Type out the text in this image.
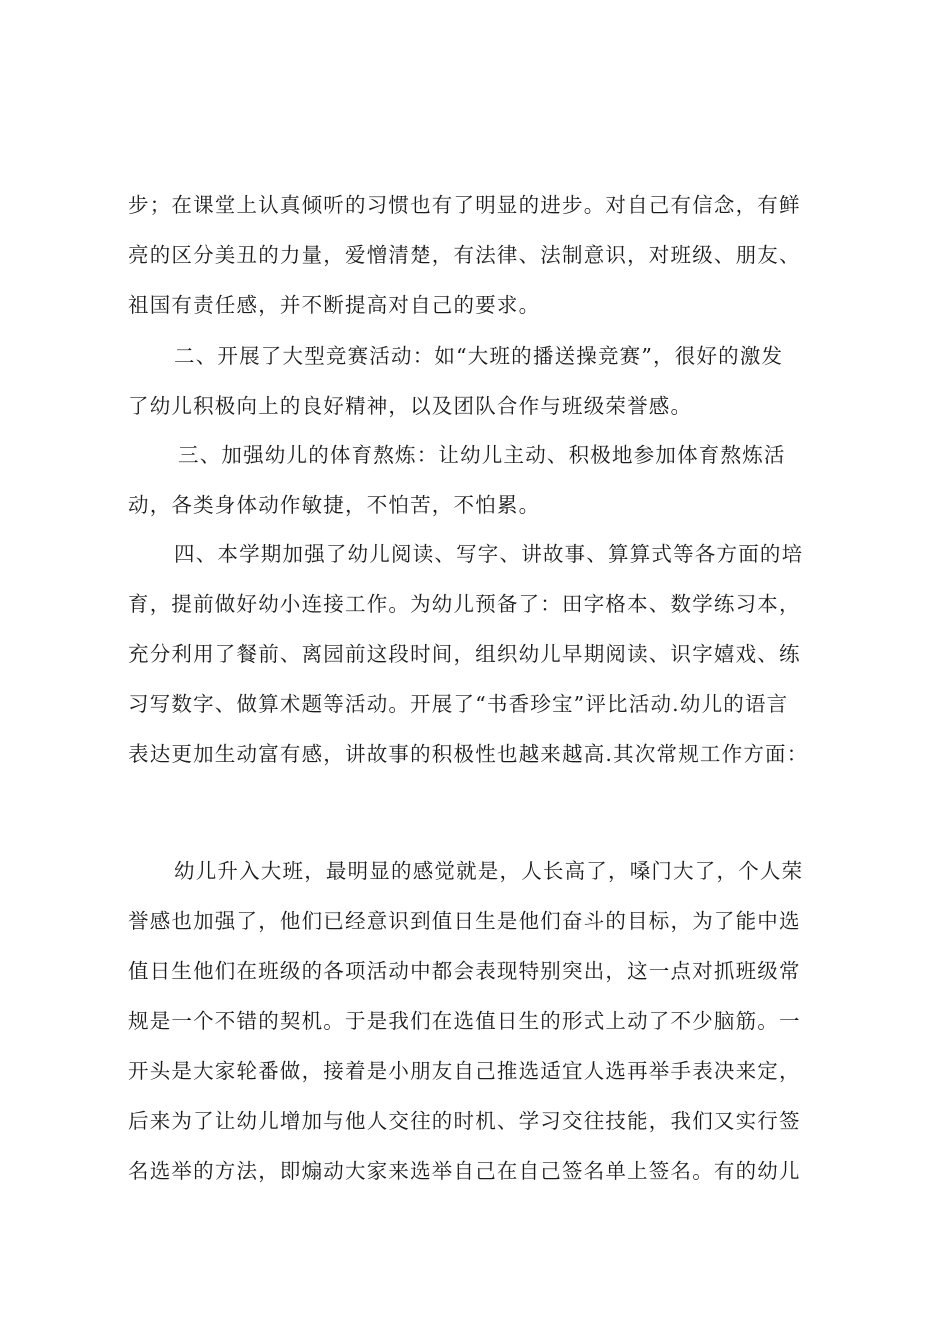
步；在课堂上认真倾听的习惯也有了明显的进步。对自己有信念，有鲜

亮的区分美丑的力量，爱憎清楚，有法律、法制意识，对班级、朋友、

祖国有责任感，并不断提高对自己的要求。

二、开展了大型竞赛活动：如“大班的播送操竞赛”，很好的激发

了幼儿积极向上的良好精神，以及团队合作与班级荣誉感。

三、加强幼儿的体育熬炼：让幼儿主动、积极地参加体育熬炼活

动，各类身体动作敏捷，不怕苦，不怕累。

四、本学期加强了幼儿阅读、写字、讲故事、算算式等各方面的培

育，提前做好幼小连接工作。为幼儿预备了：田字格本、数学练习本，

充分利用了餐前、离园前这段时间，组织幼儿早期阅读、识字嬉戏、练

习写数字、做算术题等活动。开展了“书香珍宝”评比活动.幼儿的语言

表达更加生动富有感，讲故事的积极性也越来越高.其次常规工作方面：

幼儿升入大班，最明显的感觉就是，人长高了，嗓门大了，个人荣

誉感也加强了，他们已经意识到值日生是他们奋斗的目标，为了能中选

值日生他们在班级的各项活动中都会表现特别突出，这一点对抓班级常

规是一个不错的契机。于是我们在选值日生的形式上动了不少脑筋。一

开头是大家轮番做，接着是小朋友自己推选适宜人选再举手表决来定，

后来为了让幼儿增加与他人交往的时机、学习交往技能，我们又实行签

名选举的方法，即煽动大家来选举自己在自己签名单上签名。有的幼儿
